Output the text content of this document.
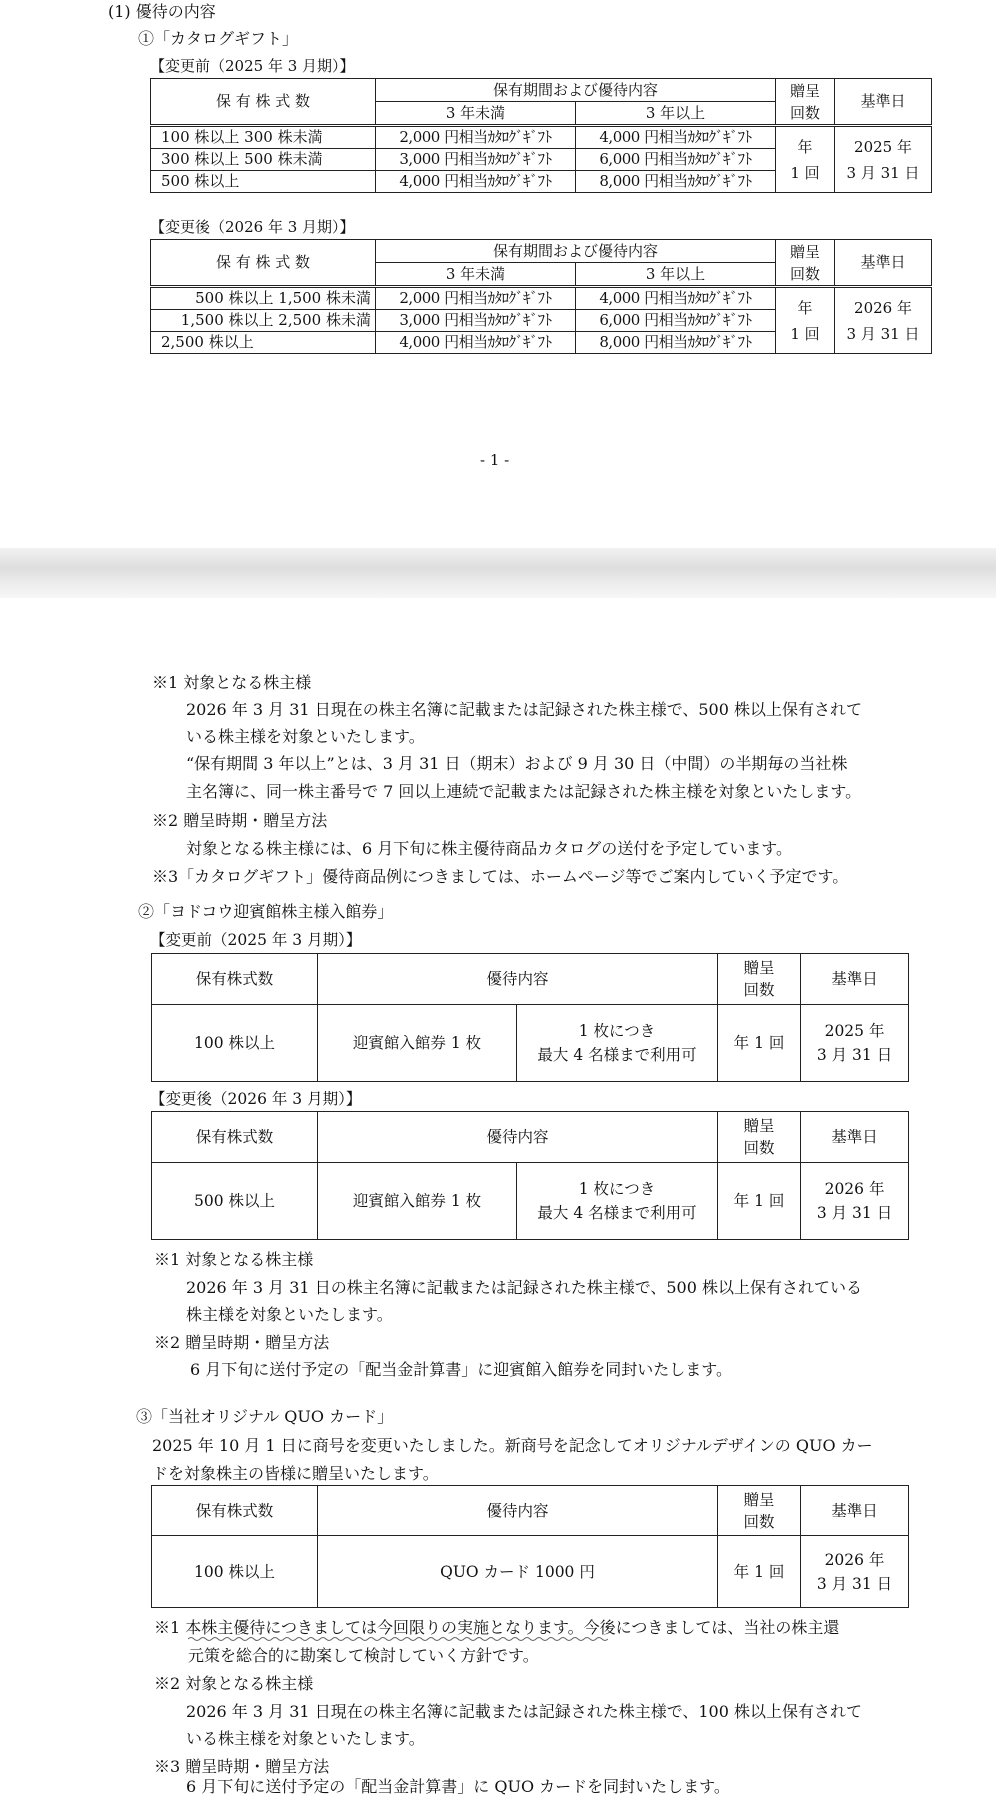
(1) 優待の内容
①「カタログギフト」
【変更前（2025 年 3 月期）】
保 有 株 式 数	保有期間および優待内容		贈呈
回数	基準日
	3 年未満	3 年以上		
100 株以上 300 株未満	2,000 円相当ｶﾀﾛｸﾞｷﾞﾌﾄ	4,000 円相当ｶﾀﾛｸﾞｷﾞﾌﾄ	年
1 回	2025 年
3 月 31 日
300 株以上 500 株未満	3,000 円相当ｶﾀﾛｸﾞｷﾞﾌﾄ	6,000 円相当ｶﾀﾛｸﾞｷﾞﾌﾄ		
500 株以上	4,000 円相当ｶﾀﾛｸﾞｷﾞﾌﾄ	8,000 円相当ｶﾀﾛｸﾞｷﾞﾌﾄ		
【変更後（2026 年 3 月期）】
保 有 株 式 数	保有期間および優待内容		贈呈
回数	基準日
	3 年未満	3 年以上		
500 株以上 1,500 株未満	2,000 円相当ｶﾀﾛｸﾞｷﾞﾌﾄ	4,000 円相当ｶﾀﾛｸﾞｷﾞﾌﾄ	年
1 回	2026 年
3 月 31 日
1,500 株以上 2,500 株未満	3,000 円相当ｶﾀﾛｸﾞｷﾞﾌﾄ	6,000 円相当ｶﾀﾛｸﾞｷﾞﾌﾄ		
2,500 株以上	4,000 円相当ｶﾀﾛｸﾞｷﾞﾌﾄ	8,000 円相当ｶﾀﾛｸﾞｷﾞﾌﾄ		
- 1 -
※1 対象となる株主様
2026 年 3 月 31 日現在の株主名簿に記載または記録された株主様で、500 株以上保有されて
いる株主様を対象といたします。
“保有期間 3 年以上”とは、3 月 31 日（期末）および 9 月 30 日（中間）の半期毎の当社株
主名簿に、同一株主番号で 7 回以上連続で記載または記録された株主様を対象といたします。
※2 贈呈時期・贈呈方法
対象となる株主様には、6 月下旬に株主優待商品カタログの送付を予定しています。
※3「カタログギフト」優待商品例につきましては、ホームページ等でご案内していく予定です。
②「ヨドコウ迎賓館株主様入館券」
【変更前（2025 年 3 月期）】
保有株式数	優待内容		贈呈
回数	基準日
100 株以上	迎賓館入館券 1 枚	1 枚につき
最大 4 名様まで利用可	年 1 回	2025 年
3 月 31 日
【変更後（2026 年 3 月期）】
保有株式数	優待内容		贈呈
回数	基準日
500 株以上	迎賓館入館券 1 枚	1 枚につき
最大 4 名様まで利用可	年 1 回	2026 年
3 月 31 日
※1 対象となる株主様
2026 年 3 月 31 日の株主名簿に記載または記録された株主様で、500 株以上保有されている
株主様を対象といたします。
※2 贈呈時期・贈呈方法
6 月下旬に送付予定の「配当金計算書」に迎賓館入館券を同封いたします。
③「当社オリジナル QUO カード」
2025 年 10 月 1 日に商号を変更いたしました。新商号を記念してオリジナルデザインの QUO カー
ドを対象株主の皆様に贈呈いたします。
保有株式数	優待内容	贈呈
回数	基準日
100 株以上	QUO カード 1000 円	年 1 回	2026 年
3 月 31 日
※1 本株主優待につきましては今回限りの実施となります。今後につきましては、当社の株主還
元策を総合的に勘案して検討していく方針です。
※2 対象となる株主様
2026 年 3 月 31 日現在の株主名簿に記載または記録された株主様で、100 株以上保有されて
いる株主様を対象といたします。
※3 贈呈時期・贈呈方法
6 月下旬に送付予定の「配当金計算書」に QUO カードを同封いたします。
